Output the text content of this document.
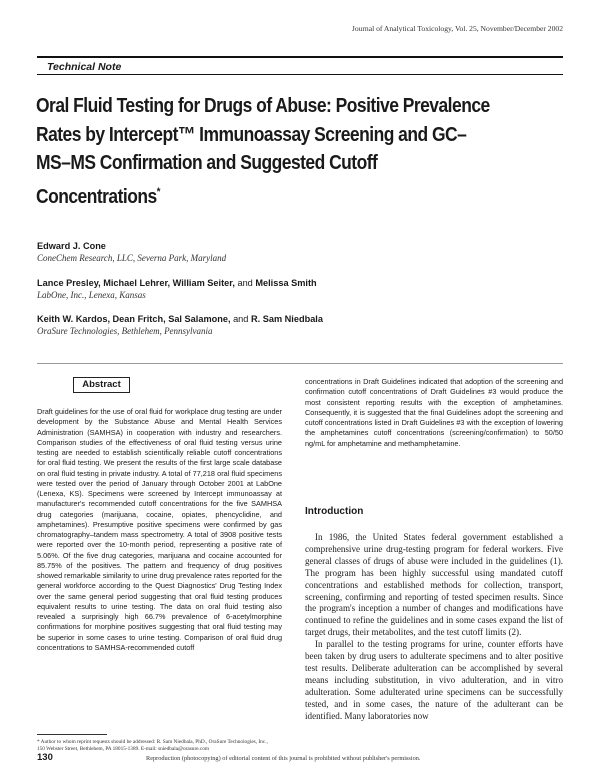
Journal of Analytical Toxicology, Vol. 25, November/December 2002
Technical Note
Oral Fluid Testing for Drugs of Abuse: Positive Prevalence Rates by Intercept™ Immunoassay Screening and GC–MS–MS Confirmation and Suggested Cutoff Concentrations*
Edward J. Cone
ConeChem Research, LLC, Severna Park, Maryland
Lance Presley, Michael Lehrer, William Seiter, and Melissa Smith
LabOne, Inc., Lenexa, Kansas
Keith W. Kardos, Dean Fritch, Sal Salamone, and R. Sam Niedbala
OraSure Technologies, Bethlehem, Pennsylvania
Abstract

Draft guidelines for the use of oral fluid for workplace drug testing are under development by the Substance Abuse and Mental Health Services Administration (SAMHSA) in cooperation with industry and researchers. Comparison studies of the effectiveness of oral fluid testing versus urine testing are needed to establish scientifically reliable cutoff concentrations for oral fluid testing. We present the results of the first large scale database on oral fluid testing in private industry. A total of 77,218 oral fluid specimens were tested over the period of January through October 2001 at LabOne (Lenexa, KS). Specimens were screened by Intercept immunoassay at manufacturer's recommended cutoff concentrations for the five SAMHSA drug categories (marijuana, cocaine, opiates, phencyclidine, and amphetamines). Presumptive positive specimens were confirmed by gas chromatography–tandem mass spectrometry. A total of 3908 positive tests were reported over the 10-month period, representing a positive rate of 5.06%. Of the five drug categories, marijuana and cocaine accounted for 85.75% of the positives. The pattern and frequency of drug positives showed remarkable similarity to urine drug prevalence rates reported for the general workforce according to the Quest Diagnostics' Drug Testing Index over the same general period suggesting that oral fluid testing produces equivalent results to urine testing. The data on oral fluid testing also revealed a surprisingly high 66.7% prevalence of 6-acetylmorphine confirmations for morphine positives suggesting that oral fluid testing may be superior in some cases to urine testing. Comparison of oral fluid drug concentrations to SAMHSA-recommended cutoff

concentrations in Draft Guidelines indicated that adoption of the screening and confirmation cutoff concentrations of Draft Guidelines #3 would produce the most consistent reporting results with the exception of amphetamines. Consequently, it is suggested that the final Guidelines adopt the screening and cutoff concentrations listed in Draft Guidelines #3 with the exception of lowering the amphetamines cutoff concentrations (screening/confirmation) to 50/50 ng/mL for amphetamine and methamphetamine.

Introduction

In 1986, the United States federal government established a comprehensive urine drug-testing program for federal workers. Five general classes of drugs of abuse were included in the guidelines (1). The program has been highly successful using mandated cutoff concentrations and established methods for collection, transport, screening, confirming and reporting of tested specimen results. Since the program's inception a number of changes and modifications have continued to refine the guidelines and in some cases expand the list of target drugs, their metabolites, and the test cutoff limits (2).

In parallel to the testing programs for urine, counter efforts have been taken by drug users to adulterate specimens and to alter positive test results. Deliberate adulteration can be accomplished by several means including substitution, in vivo adulteration, and in vitro adulteration. Some adulterated urine specimens can be successfully tested, and in some cases, the nature of the adulterant can be identified. Many laboratories now

* Author to whom reprint requests should be addressed: R. Sam Niedbala, PhD., OraSure Technologies, Inc., 150 Webster Street, Bethlehem, PA 18015-1389. E-mail: sniedbala@orasure.com
130	Reproduction (photocopying) of editorial content of this journal is prohibited without publisher's permission.
